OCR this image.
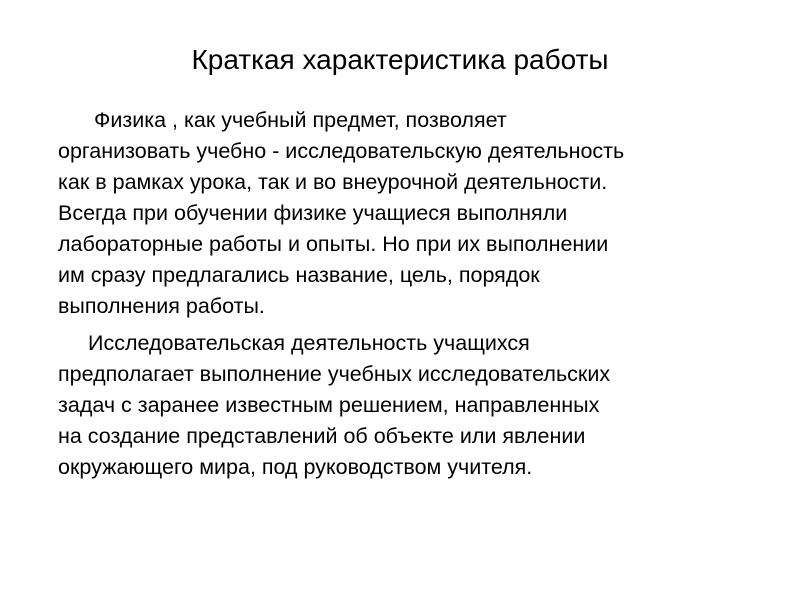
Краткая характеристика работы

Физика , как учебный предмет, позволяет
организовать учебно - исследовательскую деятельность
как в рамках урока, так и во внеурочной деятельности.
Всегда при обучении физике учащиеся выполняли
лабораторные работы и опыты. Но при их выполнении
им сразу предлагались название, цель, порядок
выполнения работы.

Исследовательская деятельность учащихся
предполагает выполнение учебных исследовательских
задач с заранее известным решением, направленных
на создание представлений об объекте или явлении
окружающего мира, под руководством учителя.
